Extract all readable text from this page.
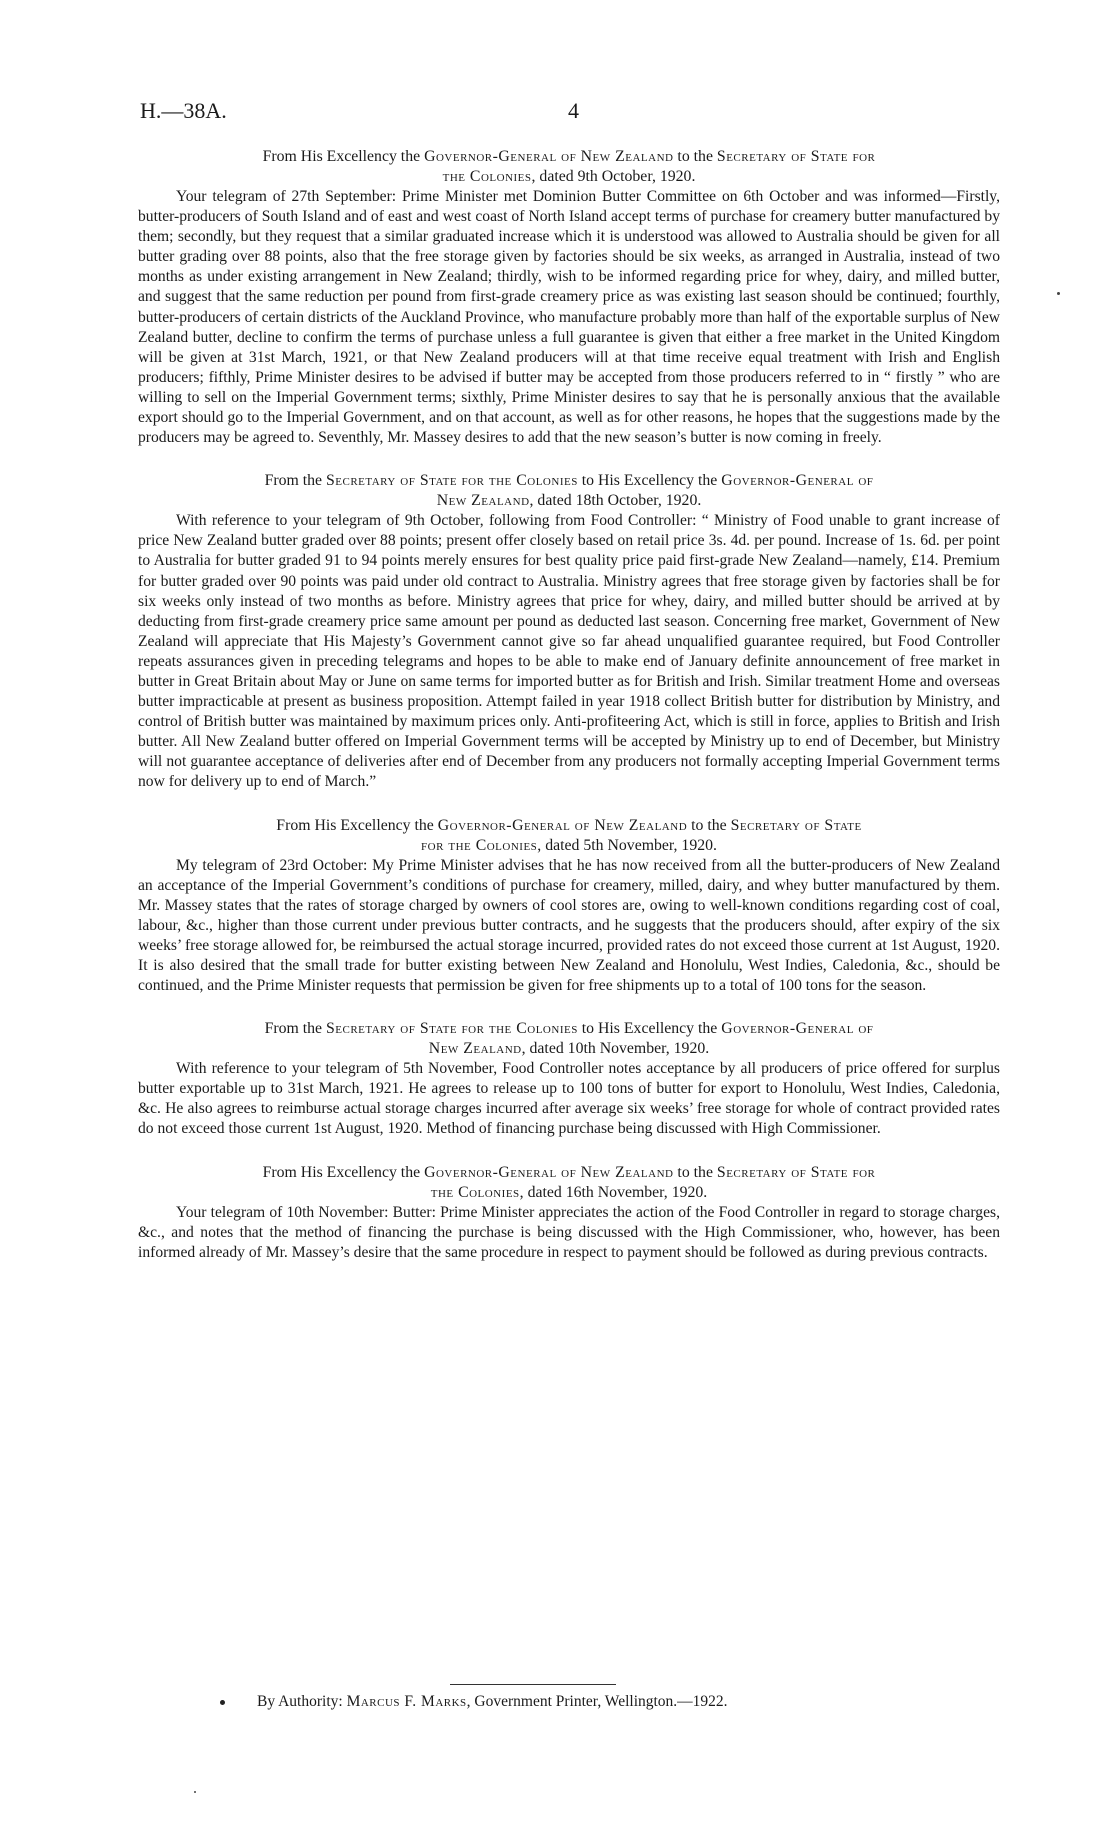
H.—38A.	4

From His Excellency the Governor-General of New Zealand to the Secretary of State for
the Colonies, dated 9th October, 1920.

Your telegram of 27th September: Prime Minister met Dominion Butter Committee on 6th October and was informed—Firstly, butter-producers of South Island and of east and west coast of North Island accept terms of purchase for creamery butter manufactured by them; secondly, but they request that a similar graduated increase which it is understood was allowed to Australia should be given for all butter grading over 88 points, also that the free storage given by factories should be six weeks, as arranged in Australia, instead of two months as under existing arrangement in New Zealand; thirdly, wish to be informed regarding price for whey, dairy, and milled butter, and suggest that the same reduction per pound from first-grade creamery price as was existing last season should be continued; fourthly, butter-producers of certain districts of the Auckland Province, who manufacture probably more than half of the exportable surplus of New Zealand butter, decline to confirm the terms of purchase unless a full guarantee is given that either a free market in the United Kingdom will be given at 31st March, 1921, or that New Zealand producers will at that time receive equal treatment with Irish and English producers; fifthly, Prime Minister desires to be advised if butter may be accepted from those producers referred to in “ firstly ” who are willing to sell on the Imperial Government terms; sixthly, Prime Minister desires to say that he is personally anxious that the available export should go to the Imperial Government, and on that account, as well as for other reasons, he hopes that the suggestions made by the producers may be agreed to. Seventhly, Mr. Massey desires to add that the new season’s butter is now coming in freely.

From the Secretary of State for the Colonies to His Excellency the Governor-General of
New Zealand, dated 18th October, 1920.

With reference to your telegram of 9th October, following from Food Controller: “ Ministry of Food unable to grant increase of price New Zealand butter graded over 88 points; present offer closely based on retail price 3s. 4d. per pound. Increase of 1s. 6d. per point to Australia for butter graded 91 to 94 points merely ensures for best quality price paid first-grade New Zealand—namely, £14. Premium for butter graded over 90 points was paid under old contract to Australia. Ministry agrees that free storage given by factories shall be for six weeks only instead of two months as before. Ministry agrees that price for whey, dairy, and milled butter should be arrived at by deducting from first-grade creamery price same amount per pound as deducted last season. Concerning free market, Government of New Zealand will appreciate that His Majesty’s Government cannot give so far ahead unqualified guarantee required, but Food Controller repeats assurances given in preceding telegrams and hopes to be able to make end of January definite announcement of free market in butter in Great Britain about May or June on same terms for imported butter as for British and Irish. Similar treatment Home and overseas butter impracticable at present as business proposition. Attempt failed in year 1918 collect British butter for distribution by Ministry, and control of British butter was maintained by maximum prices only. Anti-profiteering Act, which is still in force, applies to British and Irish butter. All New Zealand butter offered on Imperial Government terms will be accepted by Ministry up to end of December, but Ministry will not guarantee acceptance of deliveries after end of December from any producers not formally accepting Imperial Government terms now for delivery up to end of March.”

From His Excellency the Governor-General of New Zealand to the Secretary of State
for the Colonies, dated 5th November, 1920.

My telegram of 23rd October: My Prime Minister advises that he has now received from all the butter-producers of New Zealand an acceptance of the Imperial Government’s conditions of purchase for creamery, milled, dairy, and whey butter manufactured by them. Mr. Massey states that the rates of storage charged by owners of cool stores are, owing to well-known conditions regarding cost of coal, labour, &c., higher than those current under previous butter contracts, and he suggests that the producers should, after expiry of the six weeks’ free storage allowed for, be reimbursed the actual storage incurred, provided rates do not exceed those current at 1st August, 1920. It is also desired that the small trade for butter existing between New Zealand and Honolulu, West Indies, Caledonia, &c., should be continued, and the Prime Minister requests that permission be given for free shipments up to a total of 100 tons for the season.

From the Secretary of State for the Colonies to His Excellency the Governor-General of
New Zealand, dated 10th November, 1920.

With reference to your telegram of 5th November, Food Controller notes acceptance by all producers of price offered for surplus butter exportable up to 31st March, 1921. He agrees to release up to 100 tons of butter for export to Honolulu, West Indies, Caledonia, &c. He also agrees to reimburse actual storage charges incurred after average six weeks’ free storage for whole of contract provided rates do not exceed those current 1st August, 1920. Method of financing purchase being discussed with High Commissioner.

From His Excellency the Governor-General of New Zealand to the Secretary of State for
the Colonies, dated 16th November, 1920.

Your telegram of 10th November: Butter: Prime Minister appreciates the action of the Food Controller in regard to storage charges, &c., and notes that the method of financing the purchase is being discussed with the High Commissioner, who, however, has been informed already of Mr. Massey’s desire that the same procedure in respect to payment should be followed as during previous contracts.

By Authority: Marcus F. Marks, Government Printer, Wellington.—1922.
